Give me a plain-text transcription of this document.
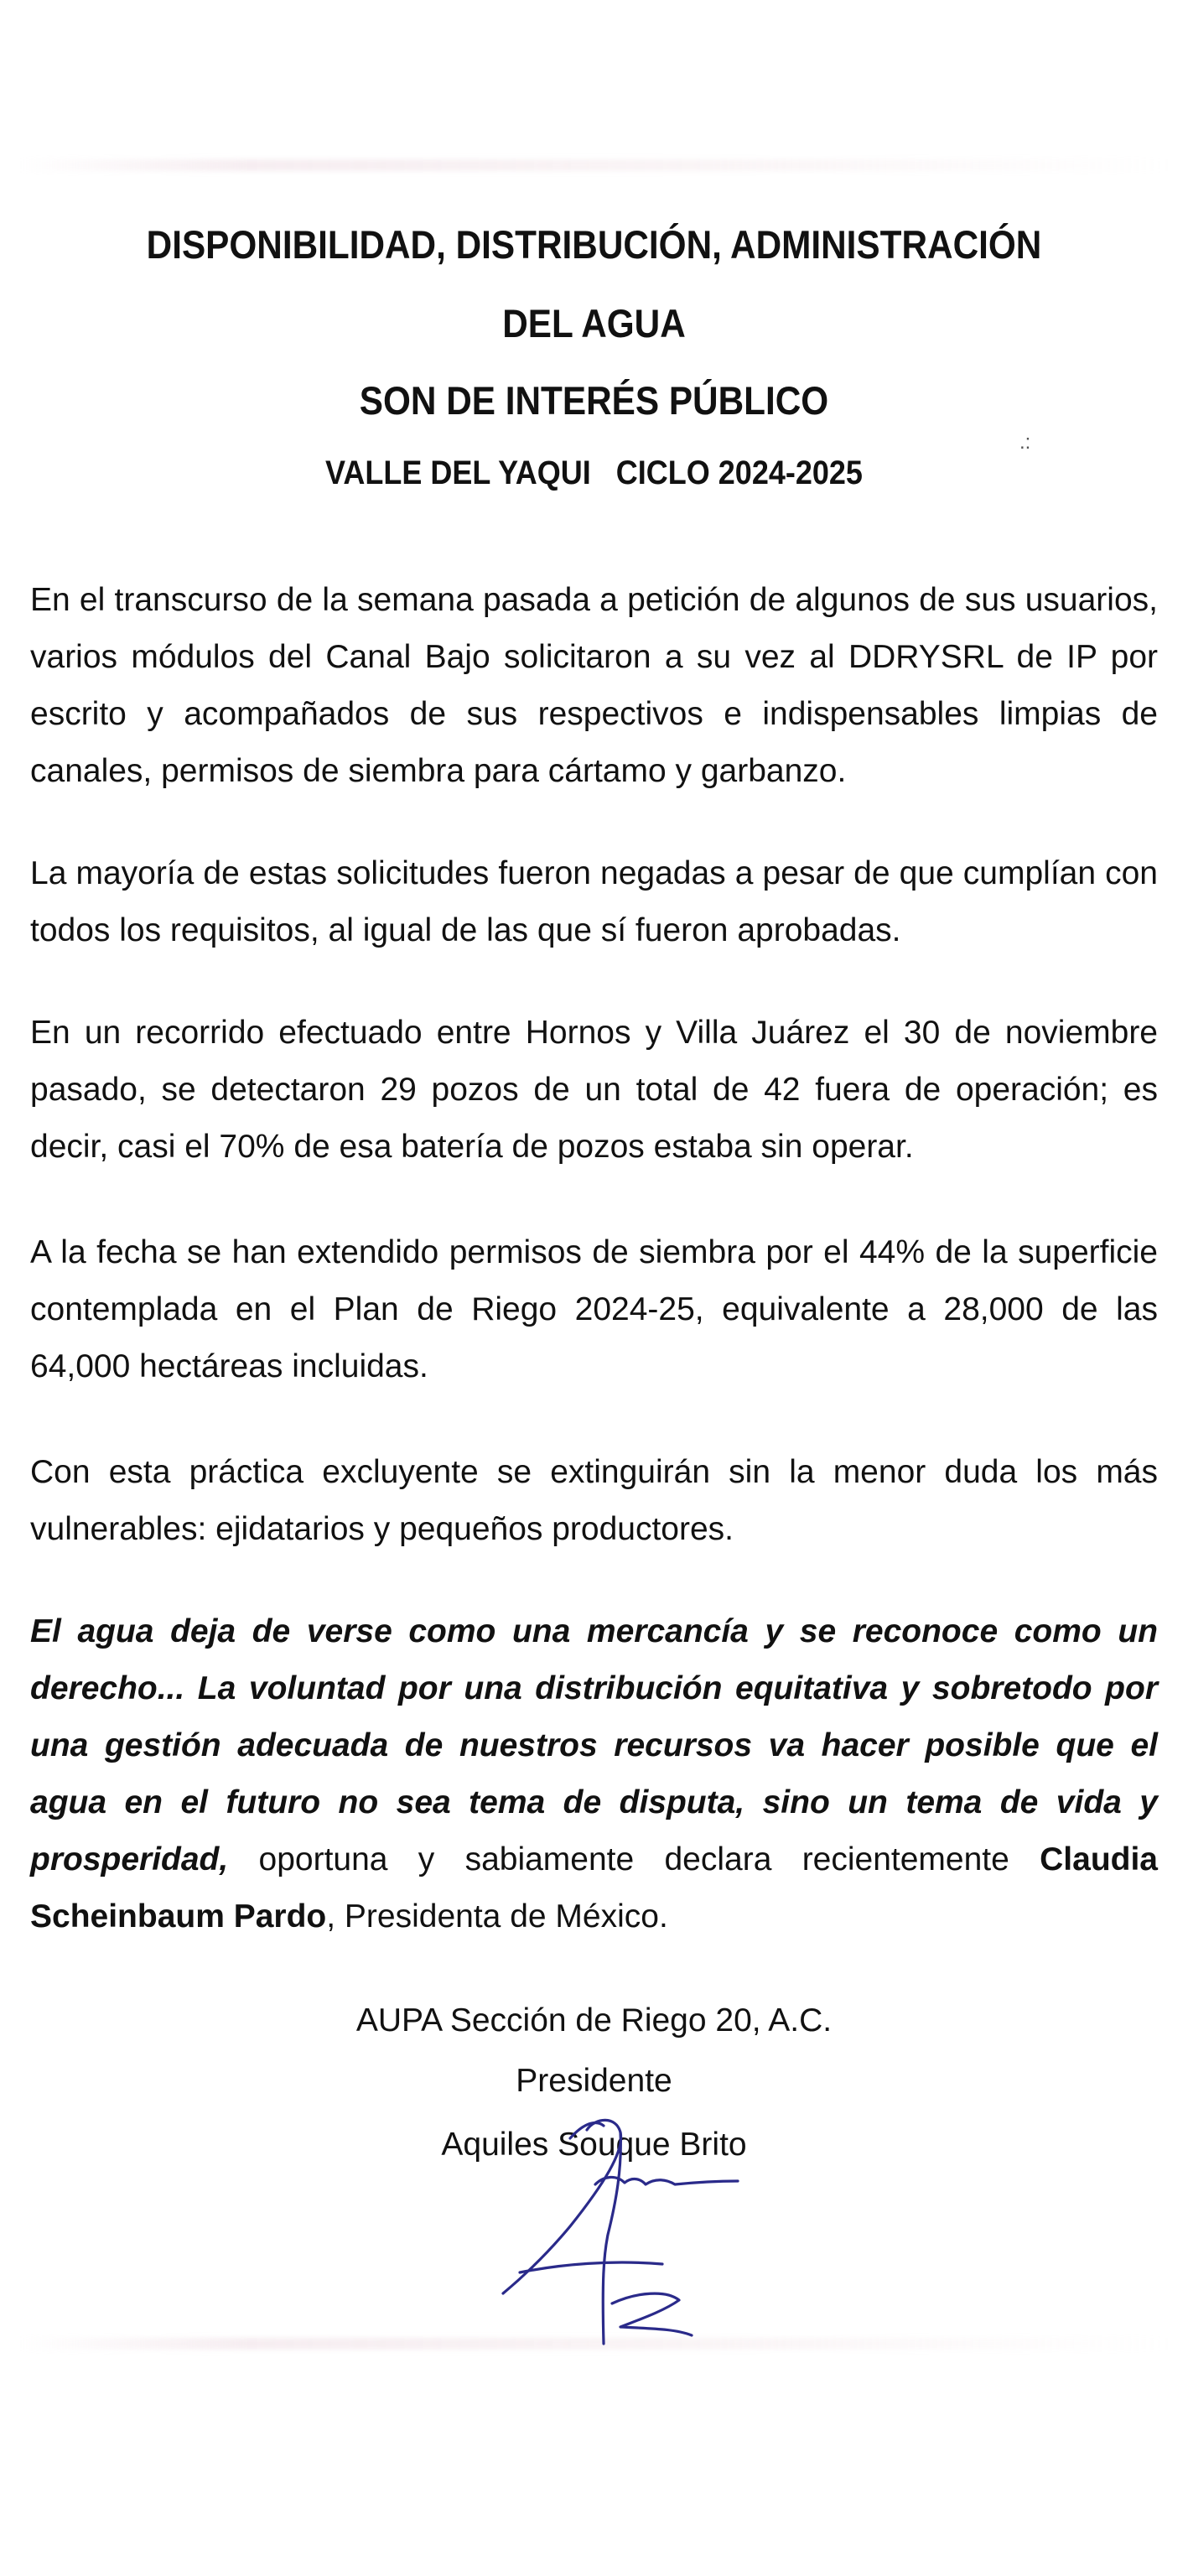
DISPONIBILIDAD, DISTRIBUCIÓN, ADMINISTRACIÓN
DEL AGUA
SON DE INTERÉS PÚBLICO
VALLE DEL YAQUI   CICLO 2024-2025
.:
En el transcurso de la semana pasada a petición de algunos de sus usuarios, varios módulos del Canal Bajo solicitaron a su vez al DDRYSRL de IP por escrito y acompañados de sus respectivos e indispensables limpias de canales, permisos de siembra para cártamo y garbanzo.
La mayoría de estas solicitudes fueron negadas a pesar de que cumplían con todos los requisitos, al igual de las que sí fueron aprobadas.
En un recorrido efectuado entre Hornos y Villa Juárez el 30 de noviembre pasado, se detectaron 29 pozos de un total de 42 fuera de operación; es decir, casi el 70% de esa batería de pozos estaba sin operar.
A la fecha se han extendido permisos de siembra por el 44% de la superficie contemplada en el Plan de Riego 2024-25, equivalente a 28,000 de las 64,000 hectáreas incluidas.
Con esta práctica excluyente se extinguirán sin la menor duda los más vulnerables: ejidatarios y pequeños productores.
El agua deja de verse como una mercancía y se reconoce como un derecho... La voluntad por una distribución equitativa y sobretodo por una gestión adecuada de nuestros recursos va hacer posible que el agua en el futuro no sea tema de disputa, sino un tema de vida y prosperidad, oportuna y sabiamente declara recientemente Claudia Scheinbaum Pardo, Presidenta de México.
AUPA Sección de Riego 20, A.C.
Presidente
Aquiles Souque Brito
